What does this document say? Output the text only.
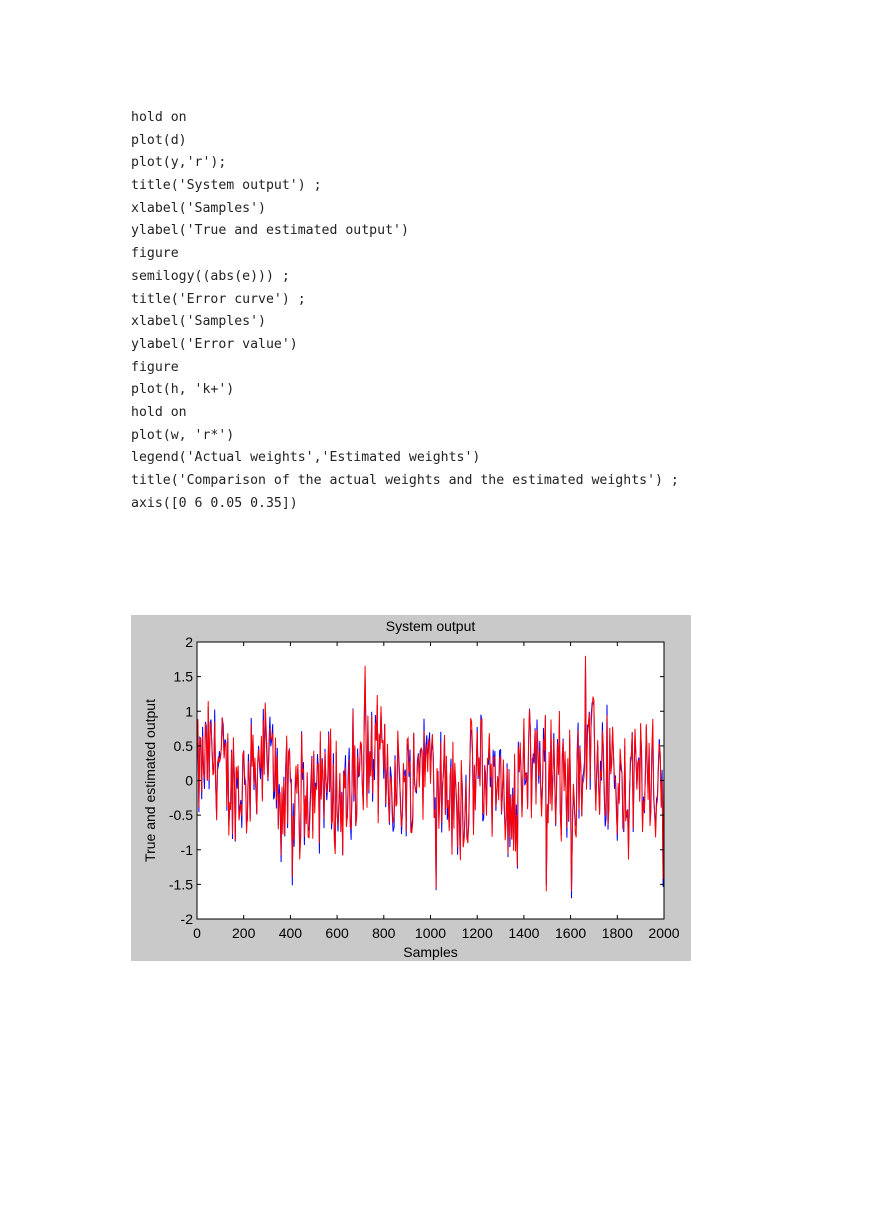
hold on
plot(d)
plot(y,'r');
title('System output') ;
xlabel('Samples')
ylabel('True and estimated output')
figure
semilogy((abs(e))) ;
title('Error curve') ;
xlabel('Samples')
ylabel('Error value')
figure
plot(h, 'k+')
hold on
plot(w, 'r*')
legend('Actual weights','Estimated weights')
title('Comparison of the actual weights and the estimated weights') ;
axis([0 6 0.05 0.35])
0 200 400 600 800 1000 1200 1400 1600 1800 2000
-2
-1.5
-1
-0.5
0
0.5
1
1.5
2
System output
Samples
True and estimated output
